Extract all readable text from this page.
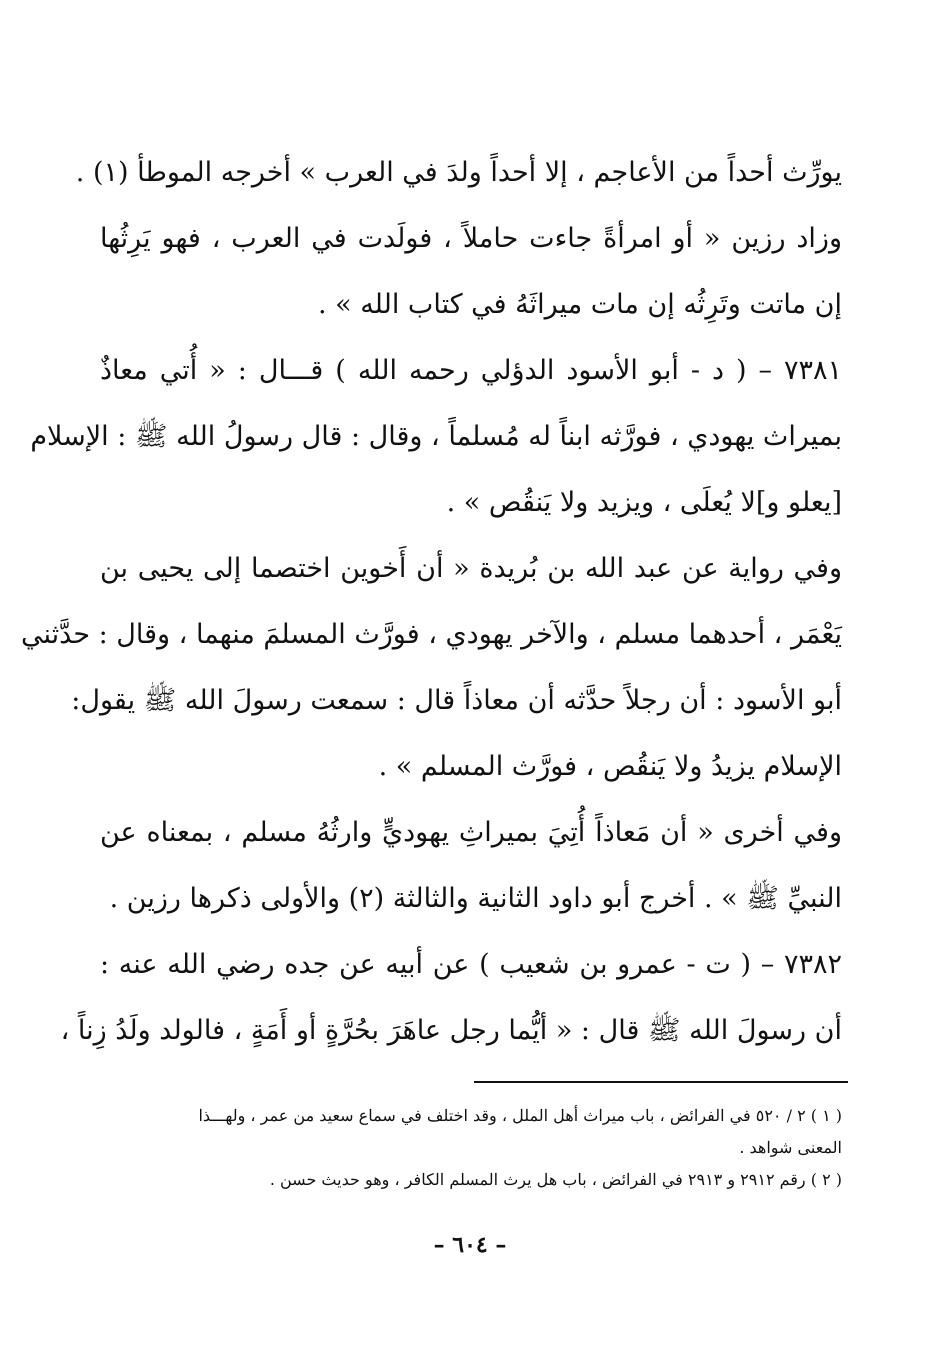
يورِّث أحداً من الأعاجم ، إلا أحداً ولدَ في العرب » أخرجه الموطأ (١) .
وزاد رزين « أو امرأةً جاءت حاملاً ، فولَدت في العرب ، فهو يَرِثُها
إن ماتت وتَرِثُه إن مات ميراثَهُ في كتاب الله » .
٧٣٨١ – ( د - أبو الأسود الدؤلي رحمه الله ) قـــال : « أُتي معاذٌ
بميراث يهودي ، فورَّثه ابناً له مُسلماً ، وقال : قال رسولُ الله ﷺ : الإسلام
[يعلو و]لا يُعلَى ، ويزيد ولا يَنقُص » .
وفي رواية عن عبد الله بن بُريدة « أن أَخوين اختصما إلى يحيى بن
يَعْمَر ، أحدهما مسلم ، والآخر يهودي ، فورَّث المسلمَ منهما ، وقال : حدَّثني
أبو الأسود : أن رجلاً حدَّثه أن معاذاً قال : سمعت رسولَ الله ﷺ يقول:
الإسلام يزيدُ ولا يَنقُص ، فورَّث المسلم » .
وفي أخرى « أن مَعاذاً أُتِيَ بميراثِ يهوديٍّ وارثُهُ مسلم ، بمعناه عن
النبيِّ ﷺ » . أخرج أبو داود الثانية والثالثة (٢) والأولى ذكرها رزين .
٧٣٨٢ – ( ت - عمرو بن شعيب ) عن أبيه عن جده رضي الله عنه :
أن رسولَ الله ﷺ قال : « أيُّما رجل عاهَرَ بحُرَّةٍ أو أَمَةٍ ، فالولد ولَدُ زِناً ،
( ١ ) ٢ / ٥٢٠ في الفرائض ، باب ميراث أهل الملل ، وقد اختلف في سماع سعيد من عمر ، ولهـــذا
المعنى شواهد .
( ٢ ) رقم ٢٩١٢ و ٢٩١٣ في الفرائض ، باب هل يرث المسلم الكافر ، وهو حديث حسن .
– ٦٠٤ –
